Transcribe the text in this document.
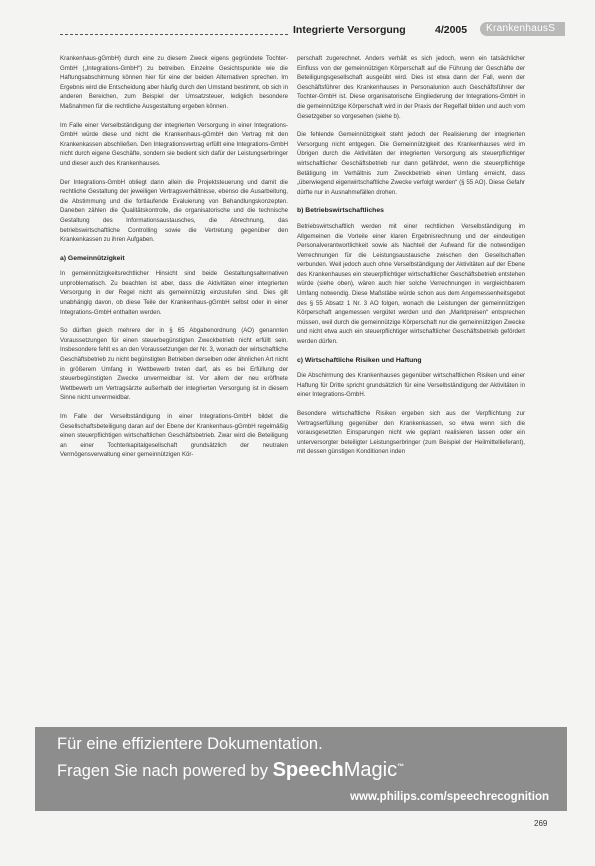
Integrierte Versorgung	4/2005	KrankenhausS

Krankenhaus-gGmbH) durch eine zu diesem Zweck eigens gegründete Tochter-GmbH („Integrations-GmbH“) zu betreiben. Einzelne Gesichtspunkte wie die Haftungsabschirmung können hier für eine der beiden Alternativen sprechen. Im Ergebnis wird die Entscheidung aber häufig durch den Umstand bestimmt, ob sich in anderen Bereichen, zum Beispiel der Umsatzsteuer, lediglich besondere Maßnahmen für die rechtliche Ausgestaltung ergeben können.

Im Falle einer Verselbständigung der integrierten Versorgung in einer Integrations-GmbH würde diese und nicht die Krankenhaus-gGmbH den Vertrag mit den Krankenkassen abschließen. Den Integrationsvertrag erfüllt eine Integrations-GmbH nicht durch eigene Geschäfte, sondern sie bedient sich dafür der Leistungserbringer und dieser auch des Krankenhauses.

Der Integrations-GmbH obliegt dann allein die Projektsteuerung und damit die rechtliche Gestaltung der jeweiligen Vertragsverhältnisse, ebenso die Ausarbeitung, die Abstimmung und die fortlaufende Evaluierung von Behandlungskonzepten. Daneben zählen die Qualitätskontrolle, die organisatorische und die technische Gestaltung des Informationsaustausches, die Abrechnung, das betriebswirtschaftliche Controlling sowie die Vertretung gegenüber den Krankenkassen zu ihren Aufgaben.

a) Gemeinnützigkeit

In gemeinnützigkeitsrechtlicher Hinsicht sind beide Gestaltungsalternativen unproblematisch. Zu beachten ist aber, dass die Aktivitäten einer integrierten Versorgung in der Regel nicht als gemeinnützig einzustufen sind. Dies gilt unabhängig davon, ob diese Teile der Krankenhaus-gGmbH selbst oder in einer Integrations-GmbH enthalten werden.

So dürften gleich mehrere der in § 65 Abgabenordnung (AO) genannten Voraussetzungen für einen steuerbegünstigten Zweckbetrieb nicht erfüllt sein. Insbesondere fehlt es an den Voraussetzungen der Nr. 3, wonach der wirtschaftliche Geschäftsbetrieb zu nicht begünstigten Betrieben derselben oder ähnlichen Art nicht in größerem Umfang in Wettbewerb treten darf, als es bei Erfüllung der steuerbegünstigten Zwecke unvermeidbar ist. Vor allem der neu eröffnete Wettbewerb um Vertragsärzte außerhalb der integrierten Versorgung ist in diesem Sinne nicht unvermeidbar.

Im Falle der Verselbständigung in einer Integrations-GmbH bildet die Gesellschaftsbeteiligung daran auf der Ebene der Krankenhaus-gGmbH regelmäßig einen steuerpflichtigen wirtschaftlichen Geschäftsbetrieb. Zwar wird die Beteiligung an einer Tochterkapitalgesellschaft grundsätzlich der neutralen Vermögensverwaltung einer gemeinnützigen Kör-

perschaft zugerechnet. Anders verhält es sich jedoch, wenn ein tatsächlicher Einfluss von der gemeinnützigen Körperschaft auf die Führung der Geschäfte der Beteiligungsgesellschaft ausgeübt wird. Dies ist etwa dann der Fall, wenn der Geschäftsführer des Krankenhauses in Personalunion auch Geschäftsführer der Tochter-GmbH ist. Diese organisatorische Eingliederung der Integrations-GmbH in die gemeinnützige Körperschaft wird in der Praxis der Regelfall bilden und auch vom Gesetzgeber so vorgesehen (siehe b).

Die fehlende Gemeinnützigkeit steht jedoch der Realisierung der integrierten Versorgung nicht entgegen. Die Gemeinnützigkeit des Krankenhauses wird im Übrigen durch die Aktivitäten der integrierten Versorgung als steuerpflichtiger wirtschaftlicher Geschäftsbetrieb nur dann gefährdet, wenn die steuerpflichtige Betätigung im Verhältnis zum Zweckbetrieb einen Umfang erreicht, dass „überwiegend eigenwirtschaftliche Zwecke verfolgt werden“ (§ 55 AO). Diese Gefahr dürfte nur in Ausnahmefällen drohen.

b) Betriebswirtschaftliches

Betriebswirtschaftlich werden mit einer rechtlichen Verselbständigung im Allgemeinen die Vorteile einer klaren Ergebnisrechnung und der eindeutigen Personalverantwortlichkeit sowie als Nachteil der Aufwand für die notwendigen Verrechnungen für die Leistungsaustausche zwischen den Gesellschaften verbunden. Weil jedoch auch ohne Verselbständigung der Aktivitäten auf der Ebene des Krankenhauses ein steuerpflichtiger wirtschaftlicher Geschäftsbetrieb entstehen würde (siehe oben), wären auch hier solche Verrechnungen in vergleichbarem Umfang notwendig. Diese Maßstäbe würde schon aus dem Angemessenheitsgebot des § 55 Absatz 1 Nr. 3 AO folgen, wonach die Leistungen der gemeinnützigen Körperschaft angemessen vergütet werden und den „Marktpreisen“ entsprechen müssen, weil durch die gemeinnützige Körperschaft nur die gemeinnützigen Zwecke und nicht etwa auch ein steuerpflichtiger wirtschaftlicher Geschäftsbetrieb gefördert werden dürfen.

c) Wirtschaftliche Risiken und Haftung

Die Abschirmung des Krankenhauses gegenüber wirtschaftlichen Risiken und einer Haftung für Dritte spricht grundsätzlich für eine Verselbständigung der Aktivitäten in einer Integrations-GmbH.

Besondere wirtschaftliche Risiken ergeben sich aus der Verpflichtung zur Vertragserfüllung gegenüber den Krankenkassen, so etwa wenn sich die vorausgesetzten Einsparungen nicht wie geplant realisieren lassen oder ein unterversorgter beteiligter Leistungserbringer (zum Beispiel der Heilmittellieferant), mit dessen günstigen Konditionen inden

Für eine effizientere Dokumentation.
Fragen Sie nach powered by SpeechMagic™
www.philips.com/speechrecognition
269
